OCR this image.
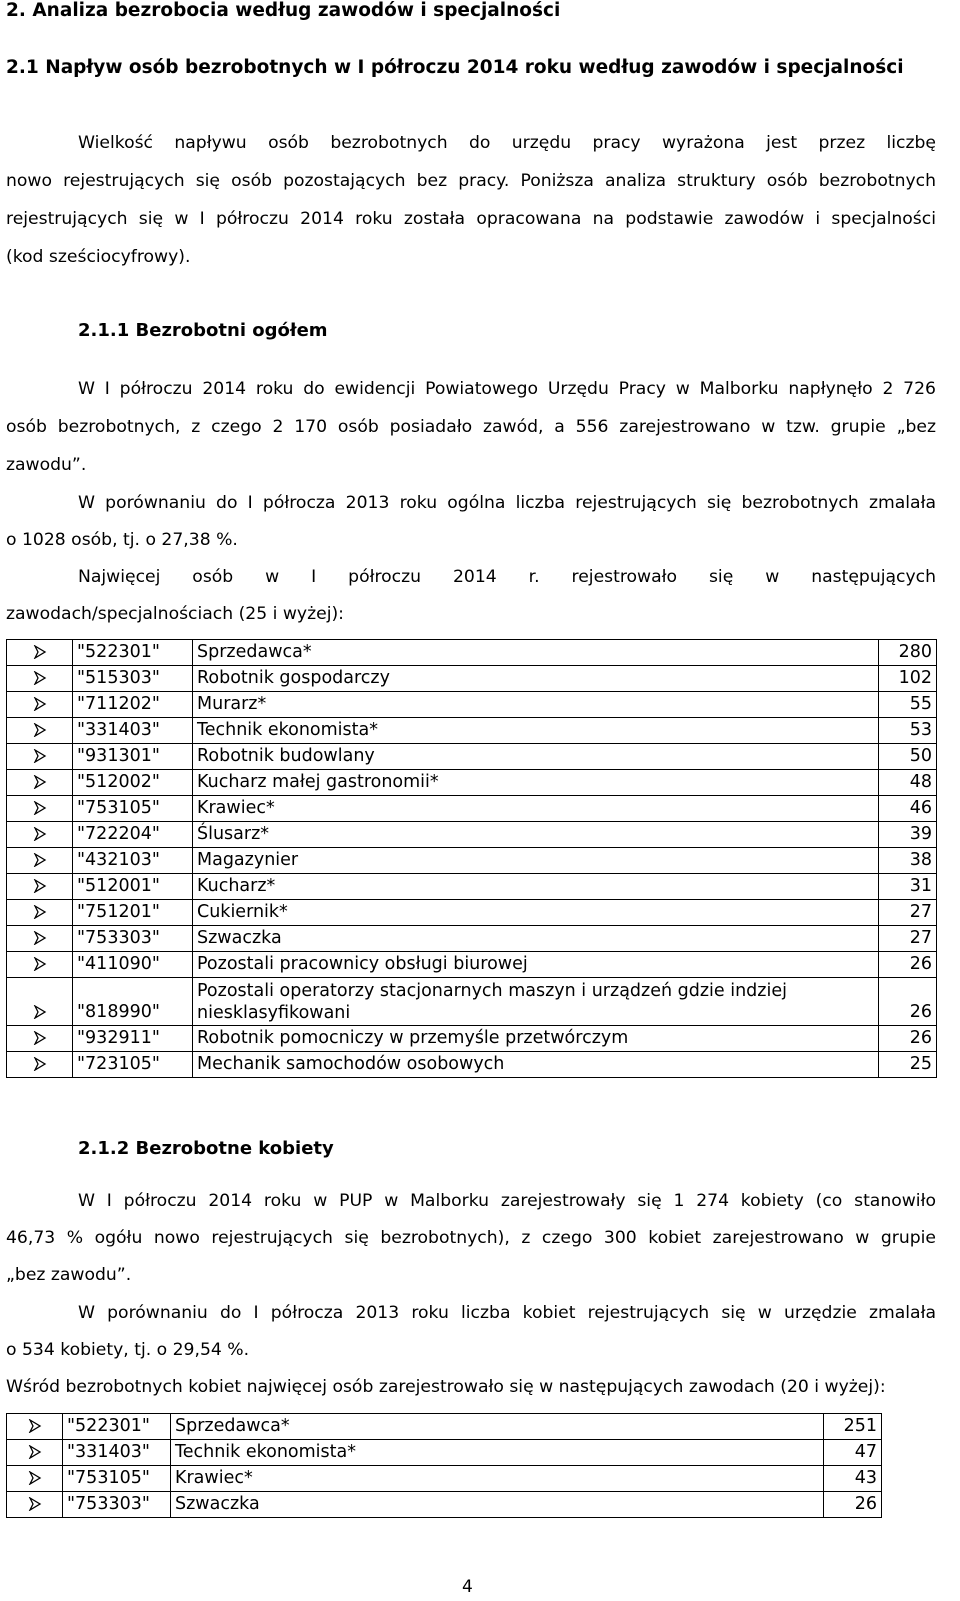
2. Analiza bezrobocia według zawodów i specjalności
2.1 Napływ osób bezrobotnych w I półroczu 2014 roku według zawodów i specjalności
Wielkość napływu osób bezrobotnych do urzędu pracy wyrażona jest przez liczbę
nowo rejestrujących się osób pozostających bez pracy. Poniższa analiza struktury osób bezrobotnych
rejestrujących się w I półroczu 2014 roku została opracowana na podstawie zawodów i specjalności
(kod sześciocyfrowy).
2.1.1 Bezrobotni ogółem
W I półroczu 2014 roku do ewidencji Powiatowego Urzędu Pracy w Malborku napłynęło 2 726
osób bezrobotnych, z czego 2 170 osób posiadało zawód, a 556 zarejestrowano w tzw. grupie „bez
zawodu”.
W porównaniu do I półrocza 2013 roku ogólna liczba rejestrujących się bezrobotnych zmalała
o 1028 osób, tj. o 27,38 %.
Najwięcej osób w I półroczu 2014 r. rejestrowało się w następujących
zawodach/specjalnościach (25 i wyżej):
	"522301"	Sprzedawca*	280
	"515303"	Robotnik gospodarczy	102
	"711202"	Murarz*	55
	"331403"	Technik ekonomista*	53
	"931301"	Robotnik budowlany	50
	"512002"	Kucharz małej gastronomii*	48
	"753105"	Krawiec*	46
	"722204"	Ślusarz*	39
	"432103"	Magazynier	38
	"512001"	Kucharz*	31
	"751201"	Cukiernik*	27
	"753303"	Szwaczka	27
	"411090"	Pozostali pracownicy obsługi biurowej	26
	"818990"	Pozostali operatorzy stacjonarnych maszyn i urządzeń gdzie indziej
niesklasyfikowani	26
	"932911"	Robotnik pomocniczy w przemyśle przetwórczym	26
	"723105"	Mechanik samochodów osobowych	25
2.1.2 Bezrobotne kobiety
W I półroczu 2014 roku w PUP w Malborku zarejestrowały się 1 274 kobiety (co stanowiło
46,73 % ogółu nowo rejestrujących się bezrobotnych), z czego 300 kobiet zarejestrowano w grupie
„bez zawodu”.
W porównaniu do I półrocza 2013 roku liczba kobiet rejestrujących się w urzędzie zmalała
o 534 kobiety, tj. o 29,54 %.
Wśród bezrobotnych kobiet najwięcej osób zarejestrowało się w następujących zawodach (20 i wyżej):
	"522301"	Sprzedawca*	251
	"331403"	Technik ekonomista*	47
	"753105"	Krawiec*	43
	"753303"	Szwaczka	26
4
